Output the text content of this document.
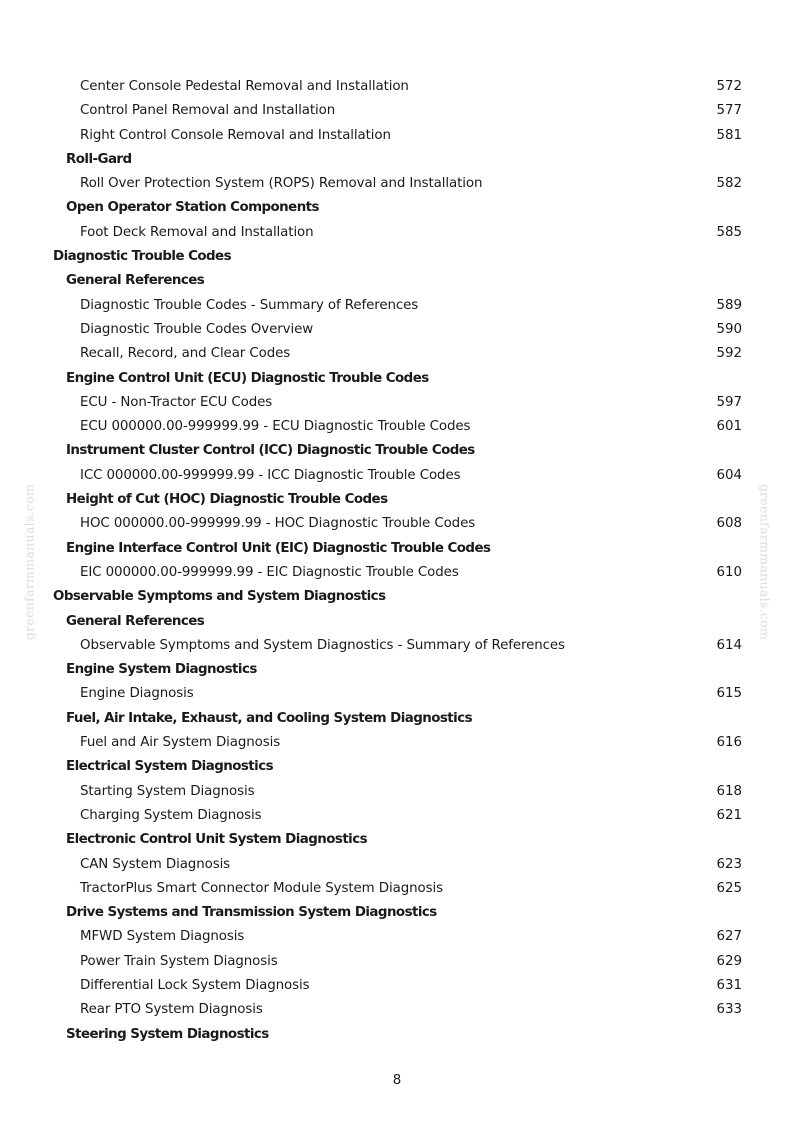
Center Console Pedestal Removal and Installation	572
Control Panel Removal and Installation	577
Right Control Console Removal and Installation	581
Roll-Gard
Roll Over Protection System (ROPS) Removal and Installation	582
Open Operator Station Components
Foot Deck Removal and Installation	585
Diagnostic Trouble Codes
General References
Diagnostic Trouble Codes - Summary of References	589
Diagnostic Trouble Codes Overview	590
Recall, Record, and Clear Codes	592
Engine Control Unit (ECU) Diagnostic Trouble Codes
ECU - Non-Tractor ECU Codes	597
ECU 000000.00-999999.99 - ECU Diagnostic Trouble Codes	601
Instrument Cluster Control (ICC) Diagnostic Trouble Codes
ICC 000000.00-999999.99 - ICC Diagnostic Trouble Codes	604
Height of Cut (HOC) Diagnostic Trouble Codes
HOC 000000.00-999999.99 - HOC Diagnostic Trouble Codes	608
Engine Interface Control Unit (EIC) Diagnostic Trouble Codes
EIC 000000.00-999999.99 - EIC Diagnostic Trouble Codes	610
Observable Symptoms and System Diagnostics
General References
Observable Symptoms and System Diagnostics - Summary of References	614
Engine System Diagnostics
Engine Diagnosis	615
Fuel, Air Intake, Exhaust, and Cooling System Diagnostics
Fuel and Air System Diagnosis	616
Electrical System Diagnostics
Starting System Diagnosis	618
Charging System Diagnosis	621
Electronic Control Unit System Diagnostics
CAN System Diagnosis	623
TractorPlus Smart Connector Module System Diagnosis	625
Drive Systems and Transmission System Diagnostics
MFWD System Diagnosis	627
Power Train System Diagnosis	629
Differential Lock System Diagnosis	631
Rear PTO System Diagnosis	633
Steering System Diagnostics
8
greenfarmmanuals.com	greenfarmmanuals.com
